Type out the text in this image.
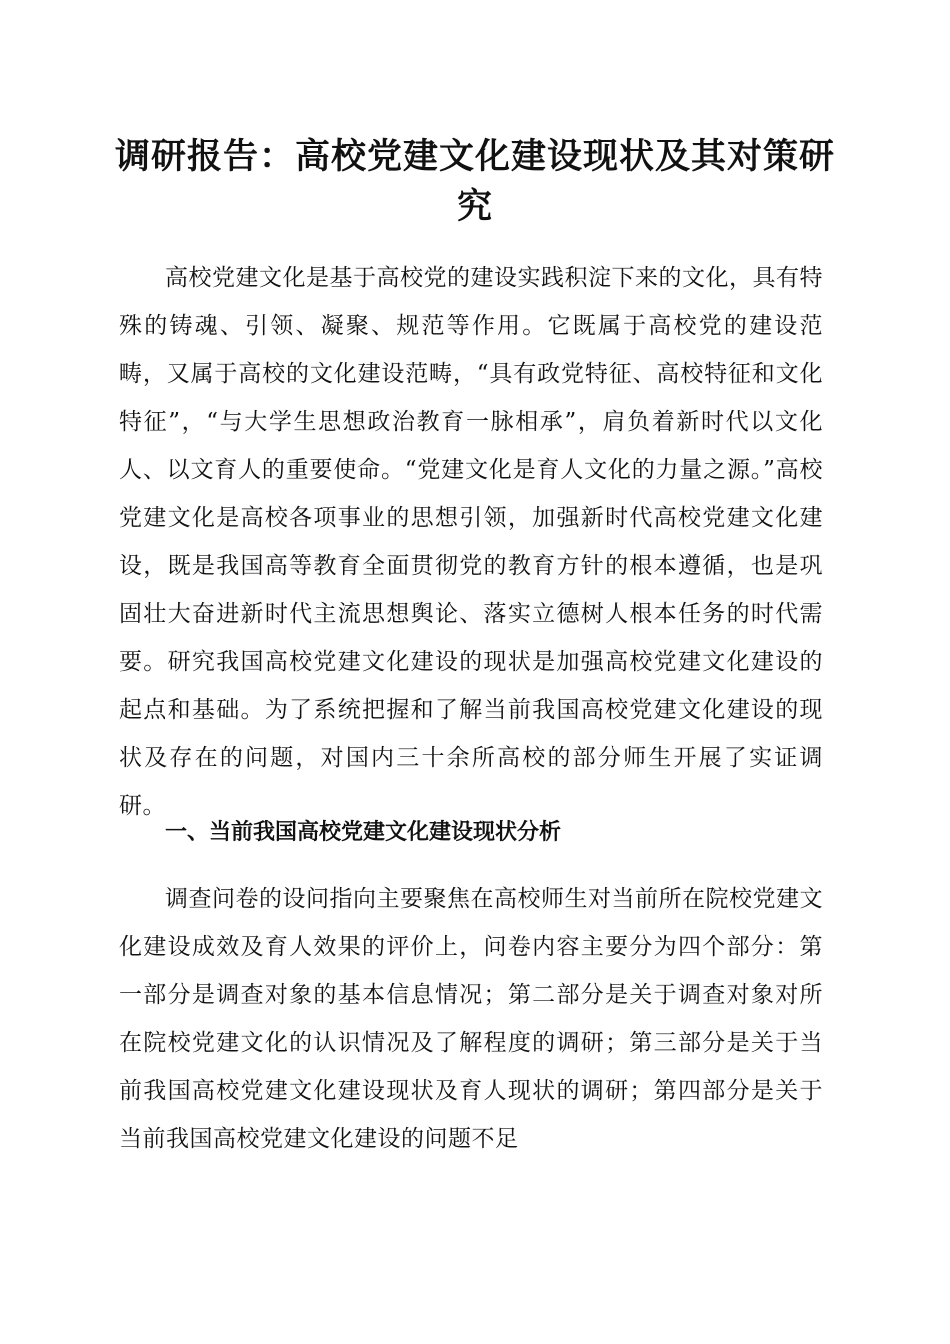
调研报告：高校党建文化建设现状及其对策研究

高校党建文化是基于高校党的建设实践积淀下来的文化，具有特殊的铸魂、引领、凝聚、规范等作用。它既属于高校党的建设范畴，又属于高校的文化建设范畴，“具有政党特征、高校特征和文化特征”，“与大学生思想政治教育一脉相承”，肩负着新时代以文化人、以文育人的重要使命。“党建文化是育人文化的力量之源。”高校党建文化是高校各项事业的思想引领，加强新时代高校党建文化建设，既是我国高等教育全面贯彻党的教育方针的根本遵循，也是巩固壮大奋进新时代主流思想舆论、落实立德树人根本任务的时代需要。研究我国高校党建文化建设的现状是加强高校党建文化建设的起点和基础。为了系统把握和了解当前我国高校党建文化建设的现状及存在的问题，对国内三十余所高校的部分师生开展了实证调研。

一、当前我国高校党建文化建设现状分析

调查问卷的设问指向主要聚焦在高校师生对当前所在院校党建文化建设成效及育人效果的评价上，问卷内容主要分为四个部分：第一部分是调查对象的基本信息情况；第二部分是关于调查对象对所在院校党建文化的认识情况及了解程度的调研；第三部分是关于当前我国高校党建文化建设现状及育人现状的调研；第四部分是关于当前我国高校党建文化建设的问题不足
